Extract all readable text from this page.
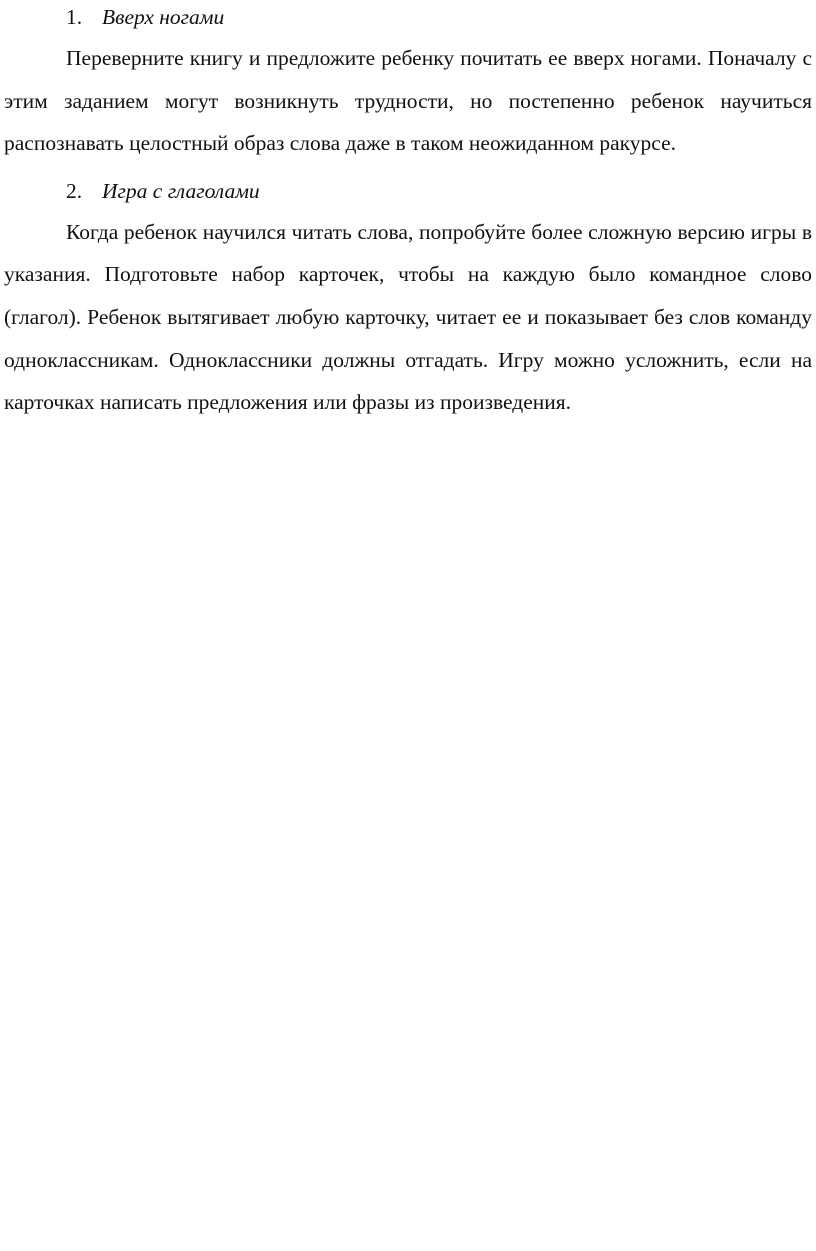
1. Вверх ногами

Переверните книгу и предложите ребенку почитать ее вверх ногами. Поначалу с этим заданием могут возникнуть трудности, но постепенно ребенок научиться распознавать целостный образ слова даже в таком неожиданном ракурсе.

2. Игра с глаголами

Когда ребенок научился читать слова, попробуйте более сложную версию игры в указания. Подготовьте набор карточек, чтобы на каждую было командное слово (глагол). Ребенок вытягивает любую карточку, читает ее и показывает без слов команду одноклассникам. Одноклассники должны отгадать. Игру можно усложнить, если на карточках написать предложения или фразы из произведения.
